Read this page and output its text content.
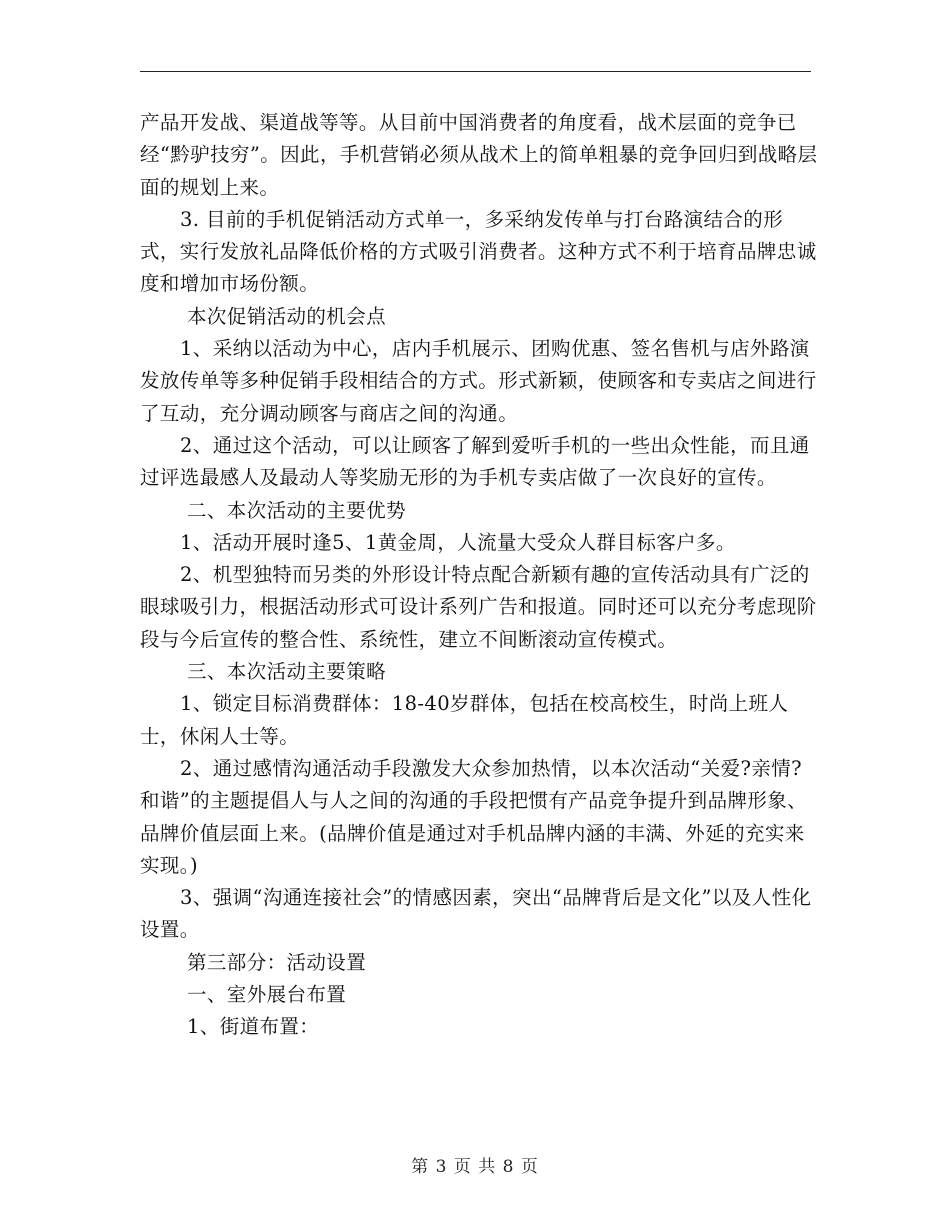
产品开发战、渠道战等等。从目前中国消费者的角度看，战术层面的竞争已经“黔驴技穷”。因此，手机营销必须从战术上的简单粗暴的竞争回归到战略层面的规划上来。

3. 目前的手机促销活动方式单一，多采纳发传单与打台路演结合的形式，实行发放礼品降低价格的方式吸引消费者。这种方式不利于培育品牌忠诚度和增加市场份额。

本次促销活动的机会点

1、采纳以活动为中心，店内手机展示、团购优惠、签名售机与店外路演发放传单等多种促销手段相结合的方式。形式新颖，使顾客和专卖店之间进行了互动，充分调动顾客与商店之间的沟通。

2、通过这个活动，可以让顾客了解到爱听手机的一些出众性能，而且通过评选最感人及最动人等奖励无形的为手机专卖店做了一次良好的宣传。

二、本次活动的主要优势

1、活动开展时逢5、1黄金周，人流量大受众人群目标客户多。

2、机型独特而另类的外形设计特点配合新颖有趣的宣传活动具有广泛的眼球吸引力，根据活动形式可设计系列广告和报道。同时还可以充分考虑现阶段与今后宣传的整合性、系统性，建立不间断滚动宣传模式。

三、本次活动主要策略

1、锁定目标消费群体：18-40岁群体，包括在校高校生，时尚上班人士，休闲人士等。

2、通过感情沟通活动手段激发大众参加热情，以本次活动“关爱?亲情?和谐”的主题提倡人与人之间的沟通的手段把惯有产品竞争提升到品牌形象、品牌价值层面上来。(品牌价值是通过对手机品牌内涵的丰满、外延的充实来实现。)

3、强调“沟通连接社会”的情感因素，突出“品牌背后是文化”以及人性化设置。

第三部分：活动设置

一、室外展台布置

1、街道布置：

第 3 页 共 8 页
